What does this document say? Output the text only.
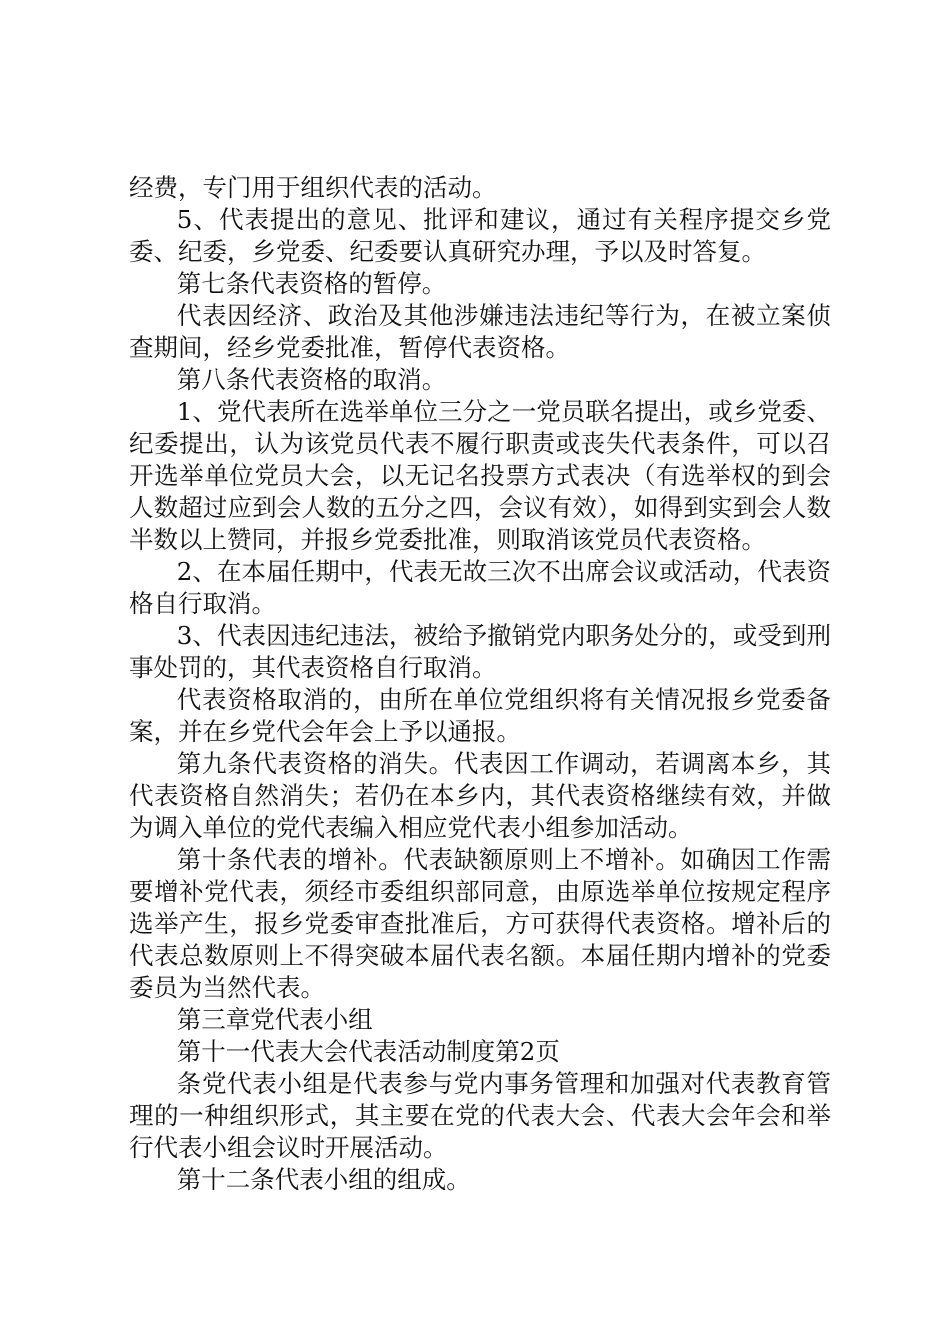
经费，专门用于组织代表的活动。

5、代表提出的意见、批评和建议，通过有关程序提交乡党委、纪委，乡党委、纪委要认真研究办理，予以及时答复。

第七条代表资格的暂停。

代表因经济、政治及其他涉嫌违法违纪等行为，在被立案侦查期间，经乡党委批准，暂停代表资格。

第八条代表资格的取消。

1、党代表所在选举单位三分之一党员联名提出，或乡党委、纪委提出，认为该党员代表不履行职责或丧失代表条件，可以召开选举单位党员大会，以无记名投票方式表决（有选举权的到会人数超过应到会人数的五分之四，会议有效），如得到实到会人数半数以上赞同，并报乡党委批准，则取消该党员代表资格。

2、在本届任期中，代表无故三次不出席会议或活动，代表资格自行取消。

3、代表因违纪违法，被给予撤销党内职务处分的，或受到刑事处罚的，其代表资格自行取消。

代表资格取消的，由所在单位党组织将有关情况报乡党委备案，并在乡党代会年会上予以通报。

第九条代表资格的消失。代表因工作调动，若调离本乡，其代表资格自然消失；若仍在本乡内，其代表资格继续有效，并做为调入单位的党代表编入相应党代表小组参加活动。

第十条代表的增补。代表缺额原则上不增补。如确因工作需要增补党代表，须经市委组织部同意，由原选举单位按规定程序选举产生，报乡党委审查批准后，方可获得代表资格。增补后的代表总数原则上不得突破本届代表名额。本届任期内增补的党委委员为当然代表。

第三章党代表小组

第十一代表大会代表活动制度第2页

条党代表小组是代表参与党内事务管理和加强对代表教育管理的一种组织形式，其主要在党的代表大会、代表大会年会和举行代表小组会议时开展活动。

第十二条代表小组的组成。
